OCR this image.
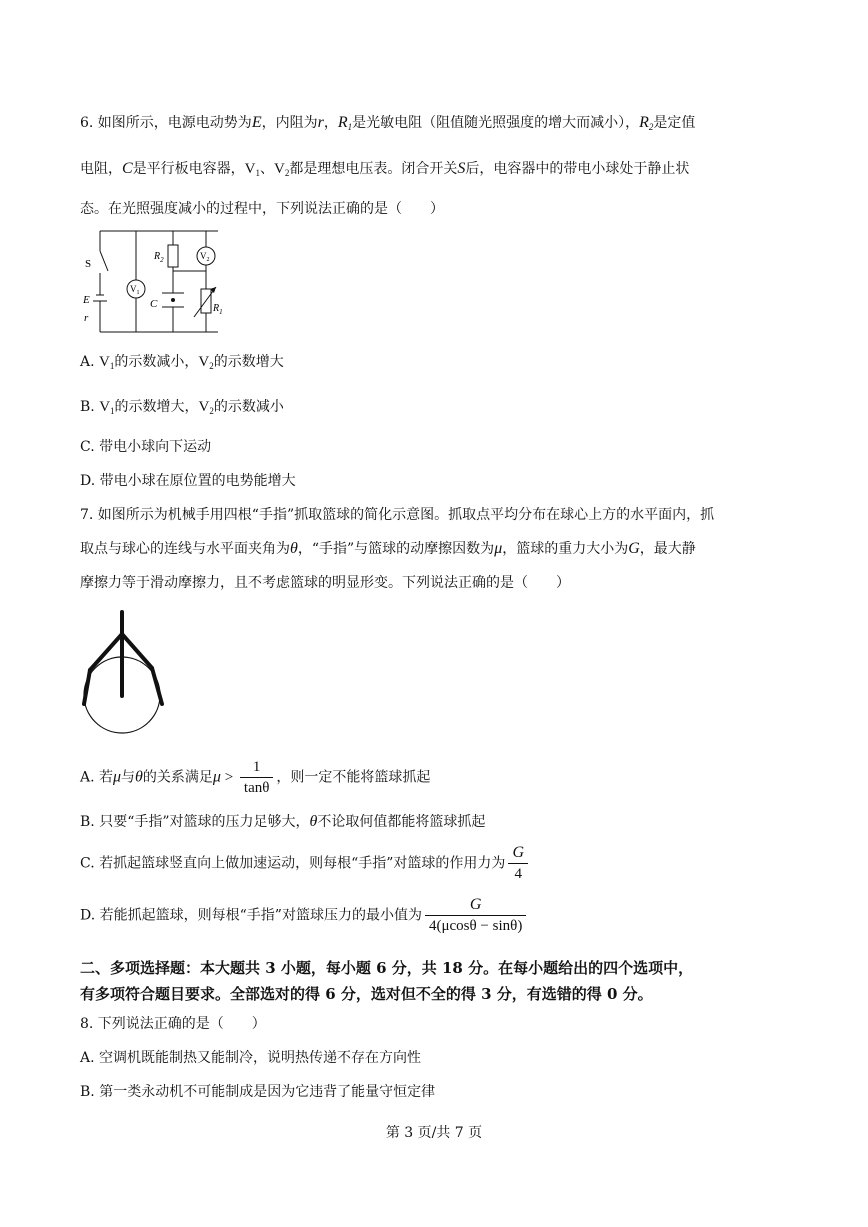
6. 如图所示，电源电动势为E，内阻为r，$R_1$是光敏电阻（阻值随光照强度的增大而减小），$R_2$是定值
电阻，C是平行板电容器，$V_1$、$V_2$都是理想电压表。闭合开关S后，电容器中的带电小球处于静止状
态。在光照强度减小的过程中，下列说法正确的是（　　）
S
E
r
$R_2$	$V_2$
$V_1$
C	$R_1$
A. $V_1$的示数减小，$V_2$的示数增大
B. $V_1$的示数增大，$V_2$的示数减小
C. 带电小球向下运动
D. 带电小球在原位置的电势能增大
7. 如图所示为机械手用四根“手指”抓取篮球的简化示意图。抓取点平均分布在球心上方的水平面内，抓
取点与球心的连线与水平面夹角为θ，“手指”与篮球的动摩擦因数为μ，篮球的重力大小为G，最大静
摩擦力等于滑动摩擦力，且不考虑篮球的明显形变。下列说法正确的是（　　）
A. 若μ与θ的关系满足$\mu > \frac{1}{\tan\theta}$ ，则一定不能将篮球抓起
B. 只要“手指”对篮球的压力足够大，θ不论取何值都能将篮球抓起
C. 若抓起篮球竖直向上做加速运动，则每根“手指”对篮球的作用力为 $\frac{G}{4}$
D. 若能抓起篮球，则每根“手指”对篮球压力的最小值为 $\frac{G}{4(\mu\cos\theta - \sin\theta)}$
二、多项选择题：本大题共 3 小题，每小题 6 分，共 18 分。在每小题给出的四个选项中，
有多项符合题目要求。全部选对的得 6 分，选对但不全的得 3 分，有选错的得 0 分。
8. 下列说法正确的是（　　）
A. 空调机既能制热又能制冷，说明热传递不存在方向性
B. 第一类永动机不可能制成是因为它违背了能量守恒定律
第 3 页/共 7 页
